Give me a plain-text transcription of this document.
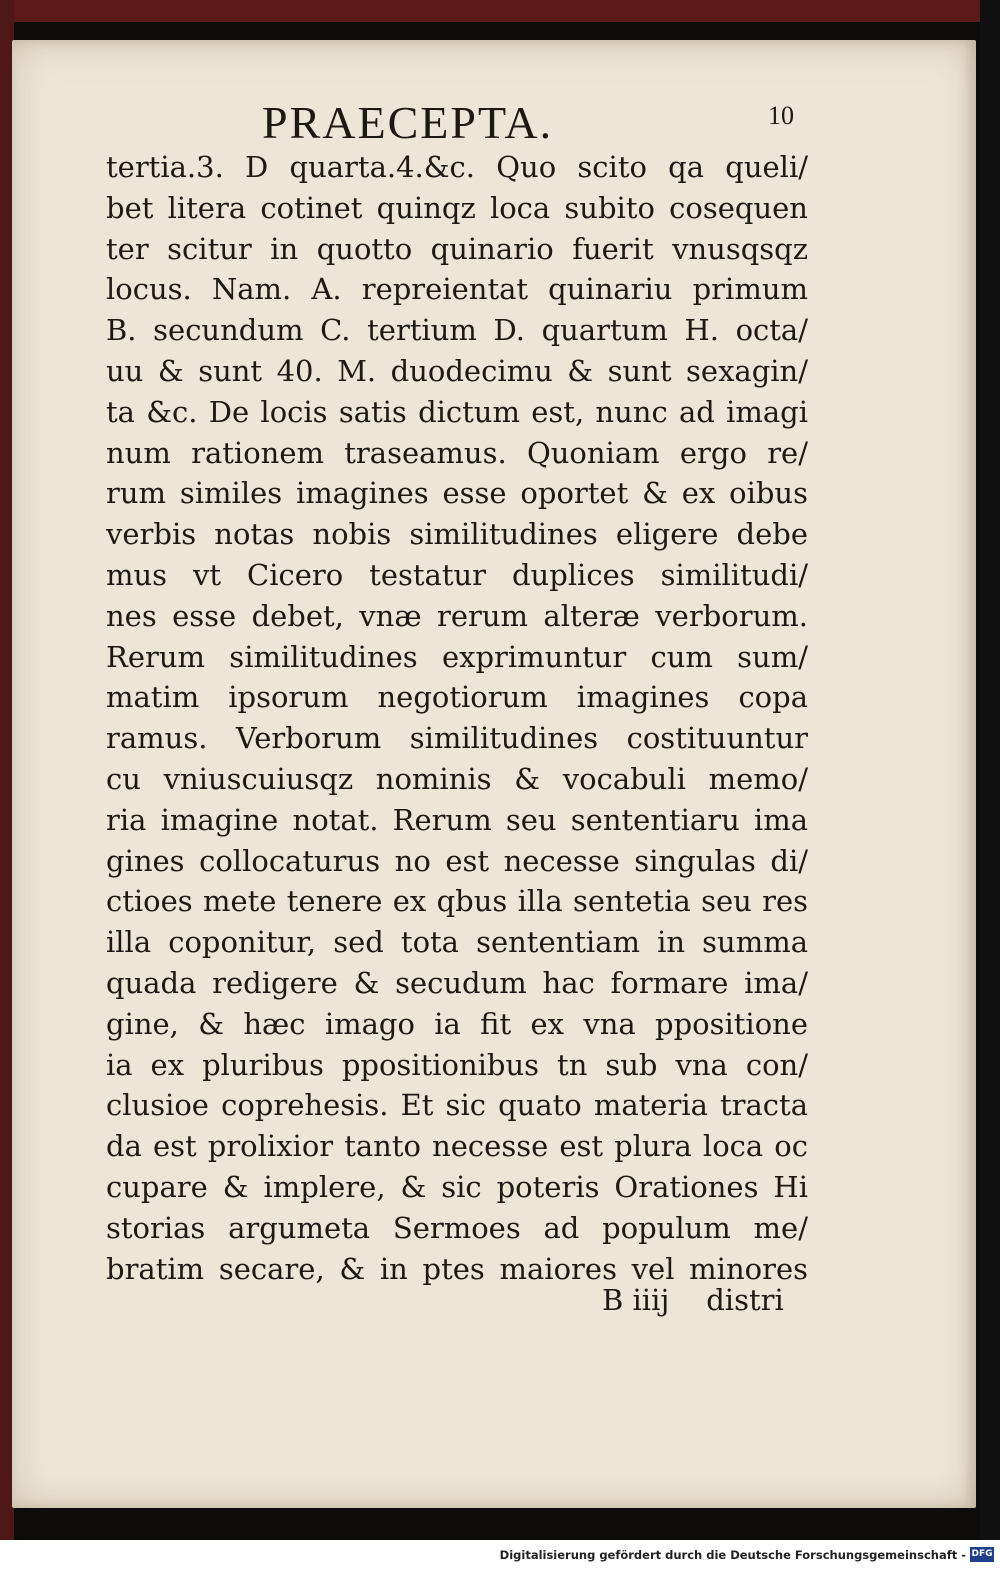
PRAECEPTA.	10
tertia.3. D quarta.4.&c. Quo scito qa queli/
bet litera cotinet quinqz loca subito cosequen
ter scitur in quotto quinario fuerit vnusqsqz
locus. Nam. A. repreientat quinariu primum
B. secundum C. tertium D. quartum H. octa/
uu & sunt 40. M. duodecimu & sunt sexagin/
ta &c. De locis satis dictum est, nunc ad imagi
num rationem traseamus. Quoniam ergo re/
rum similes imagines esse oportet & ex oibus
verbis notas nobis similitudines eligere debe
mus vt Cicero testatur duplices similitudi/
nes esse debet, vnæ rerum alteræ verborum.
Rerum similitudines exprimuntur cum sum/
matim ipsorum negotiorum imagines copa
ramus. Verborum similitudines costituuntur
cu vniuscuiusqz nominis & vocabuli memo/
ria imagine notat. Rerum seu sententiaru ima
gines collocaturus no est necesse singulas di/
ctioes mete tenere ex qbus illa sentetia seu res
illa coponitur, sed tota sententiam in summa
quada redigere & secudum hac formare ima/
gine, & hæc imago ia fit ex vna ppositione
ia ex pluribus ppositionibus tn sub vna con/
clusioe coprehesis. Et sic quato materia tracta
da est prolixior tanto necesse est plura loca oc
cupare & implere, & sic poteris Orationes Hi
storias argumeta Sermoes ad populum me/
bratim secare, & in ptes maiores vel minores
B iiij distri
Digitalisierung gefördert durch die Deutsche Forschungsgemeinschaft - DFG
